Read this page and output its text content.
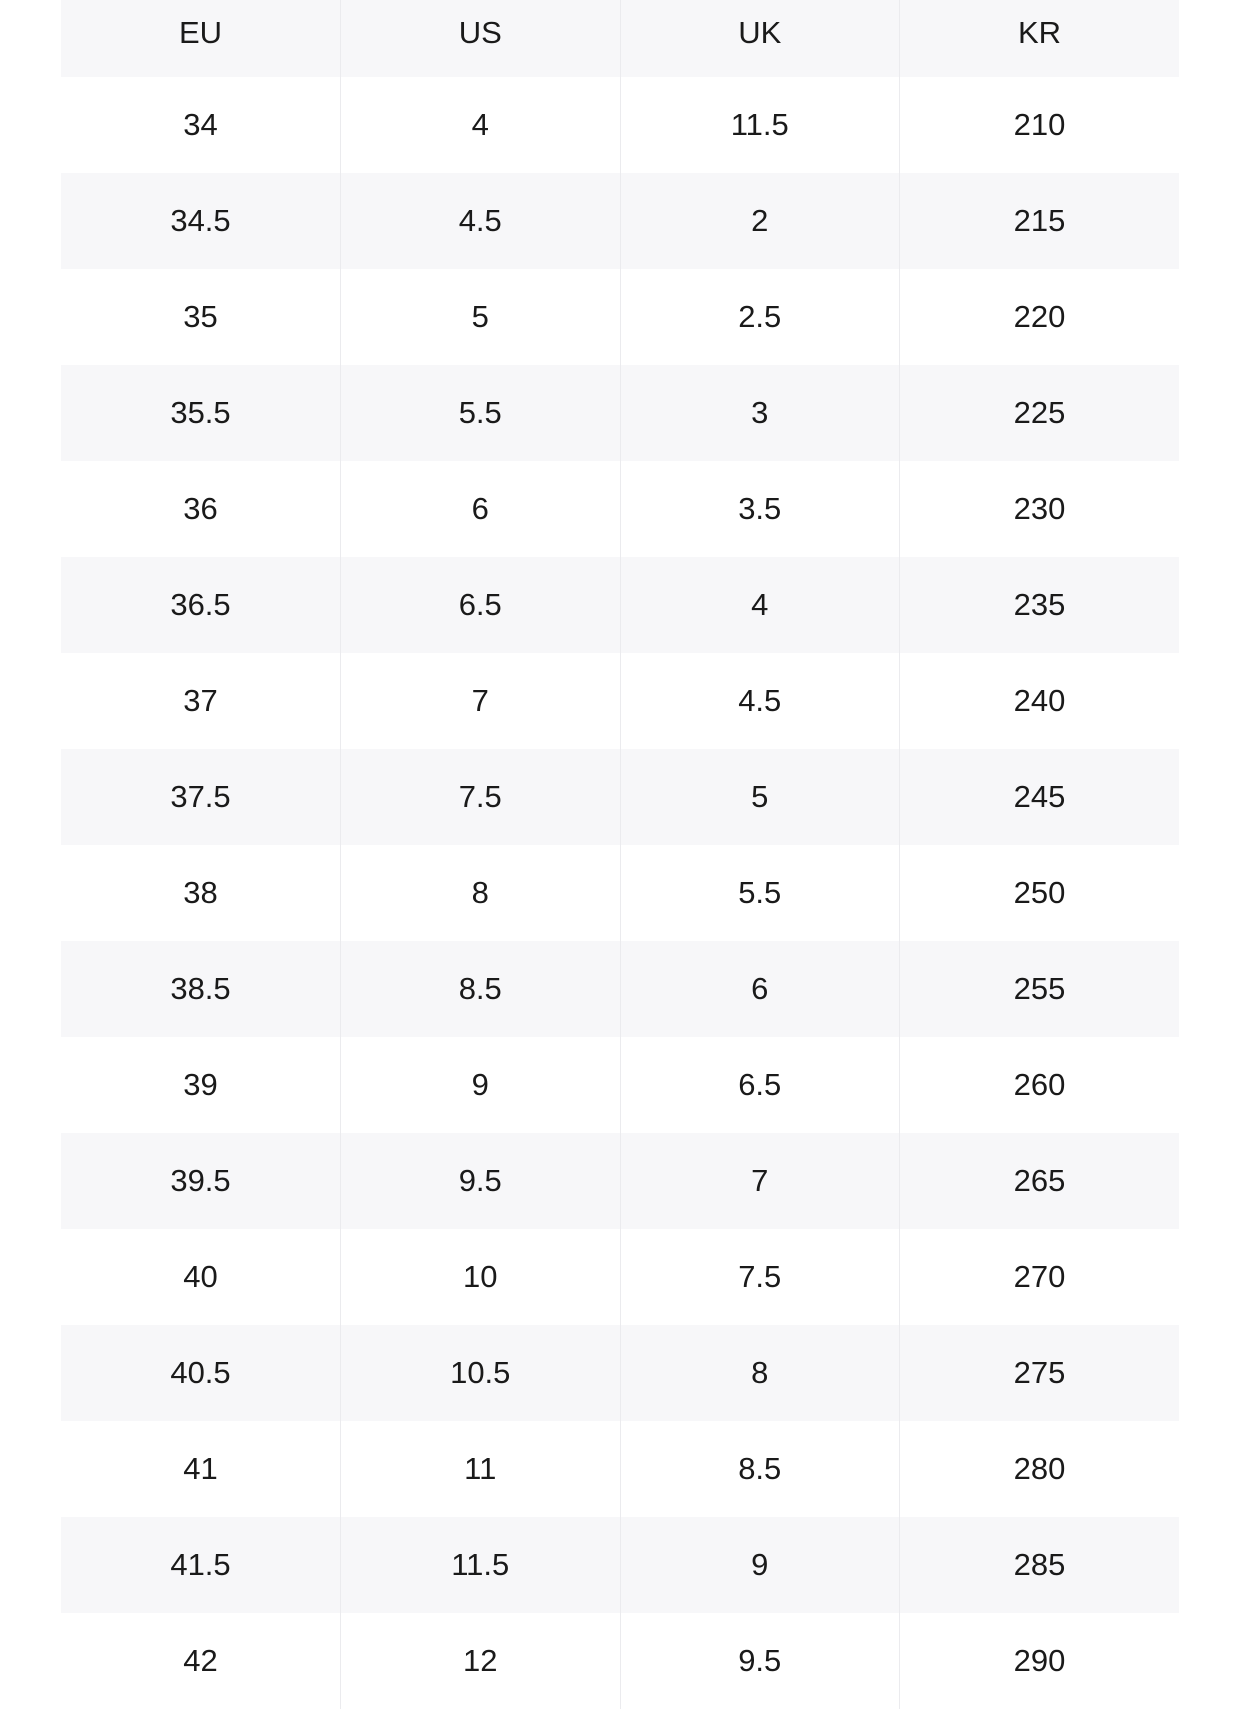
EU	US	UK	KR
34	4	11.5	210
34.5	4.5	2	215
35	5	2.5	220
35.5	5.5	3	225
36	6	3.5	230
36.5	6.5	4	235
37	7	4.5	240
37.5	7.5	5	245
38	8	5.5	250
38.5	8.5	6	255
39	9	6.5	260
39.5	9.5	7	265
40	10	7.5	270
40.5	10.5	8	275
41	11	8.5	280
41.5	11.5	9	285
42	12	9.5	290
